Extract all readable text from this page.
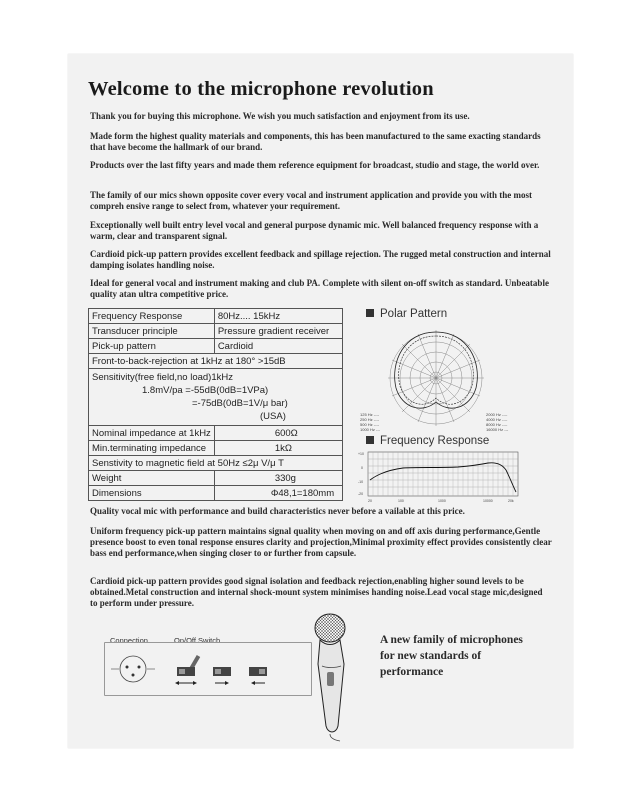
Welcome to the microphone revolution
Thank you for buying this microphone. We wish you much satisfaction and enjoyment from its use.
Made form the highest quality materials and components, this has been manufactured to the same exacting standards that have become the hallmark of our brand.
Products over the last fifty years and made them reference equipment for broadcast, studio and stage, the world over.
The family of our mics shown opposite cover every vocal and instrument application and provide you with the most compreh ensive range to select from, whatever your requirement.
Exceptionally well built entry level vocal and general purpose dynamic mic. Well balanced frequency response with a warm, clear and transparent signal.
Cardioid pick-up pattern provides excellent feedback and spillage rejection. The rugged metal construction and internal damping isolates handling noise.
Ideal for general vocal and instrument making and club PA. Complete with silent on-off switch as standard. Unbeatable quality atan ultra competitive price.
Frequency Response	80Hz.... 15kHz
Transducer principle	Pressure gradient receiver
Pick-up pattern	Cardioid
Front-to-back-rejection at 1kHz at 180° >15dB	

Sensitivity(free field,no load)1kHz
1.8mV/pa =-55dB(0dB=1VPa)
=-75dB(0dB=1V/μ bar)
(USA)	

Nominal impedance at 1kHz	600Ω
Min.terminating impedance	1kΩ
Senstivity to magnetic field at 50Hz ≤2μ V/μ T	
Weight	330g
Dimensions	Φ48,1=180mm
Polar Pattern
125 Hz ----
250 Hz ----
500 Hz ----
1000 Hz ---
2000 Hz ----
4000 Hz ----
8000 Hz ----
16000 Hz ---
Frequency Response
+10
0
-10
-20
20	100	1000	10000	20k
Quality vocal mic with performance and build characteristics never before a vailable at this price.
Uniform frequency pick-up pattern maintains signal quality when moving on and off axis during performance,Gentle presence boost to even tonal response ensures clarity and projection,Minimal proximity effect provides consistently clear bass end performance,when singing closer to or further from capsule.
Cardioid pick-up pattern provides good signal isolation and feedback rejection,enabling higher sound levels to be obtained.Metal construction and internal shock-mount system minimises handing noise.Lead vocal stage mic,designed to perform under pressure.
Connection	On/Off Switch	A new family of microphones for new standards of performance
